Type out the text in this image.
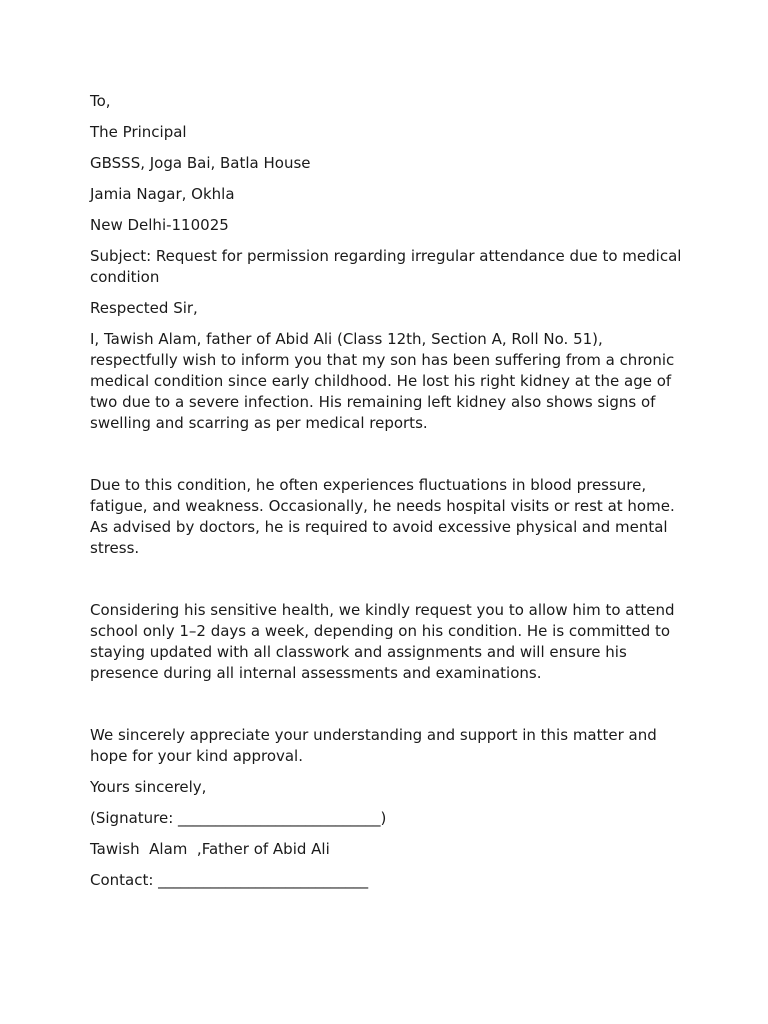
To,

The Principal

GBSSS, Joga Bai, Batla House

Jamia Nagar, Okhla

New Delhi-110025

Subject: Request for permission regarding irregular attendance due to medical condition

Respected Sir,

I, Tawish Alam, father of Abid Ali (Class 12th, Section A, Roll No. 51), respectfully wish to inform you that my son has been suffering from a chronic medical condition since early childhood. He lost his right kidney at the age of two due to a severe infection. His remaining left kidney also shows signs of swelling and scarring as per medical reports.

Due to this condition, he often experiences fluctuations in blood pressure, fatigue, and weakness. Occasionally, he needs hospital visits or rest at home. As advised by doctors, he is required to avoid excessive physical and mental stress.

Considering his sensitive health, we kindly request you to allow him to attend school only 1–2 days a week, depending on his condition. He is committed to staying updated with all classwork and assignments and will ensure his presence during all internal assessments and examinations.

We sincerely appreciate your understanding and support in this matter and hope for your kind approval.

Yours sincerely,

(Signature: ___________________________)

Tawish  Alam  ,Father of Abid Ali

Contact: ____________________________
